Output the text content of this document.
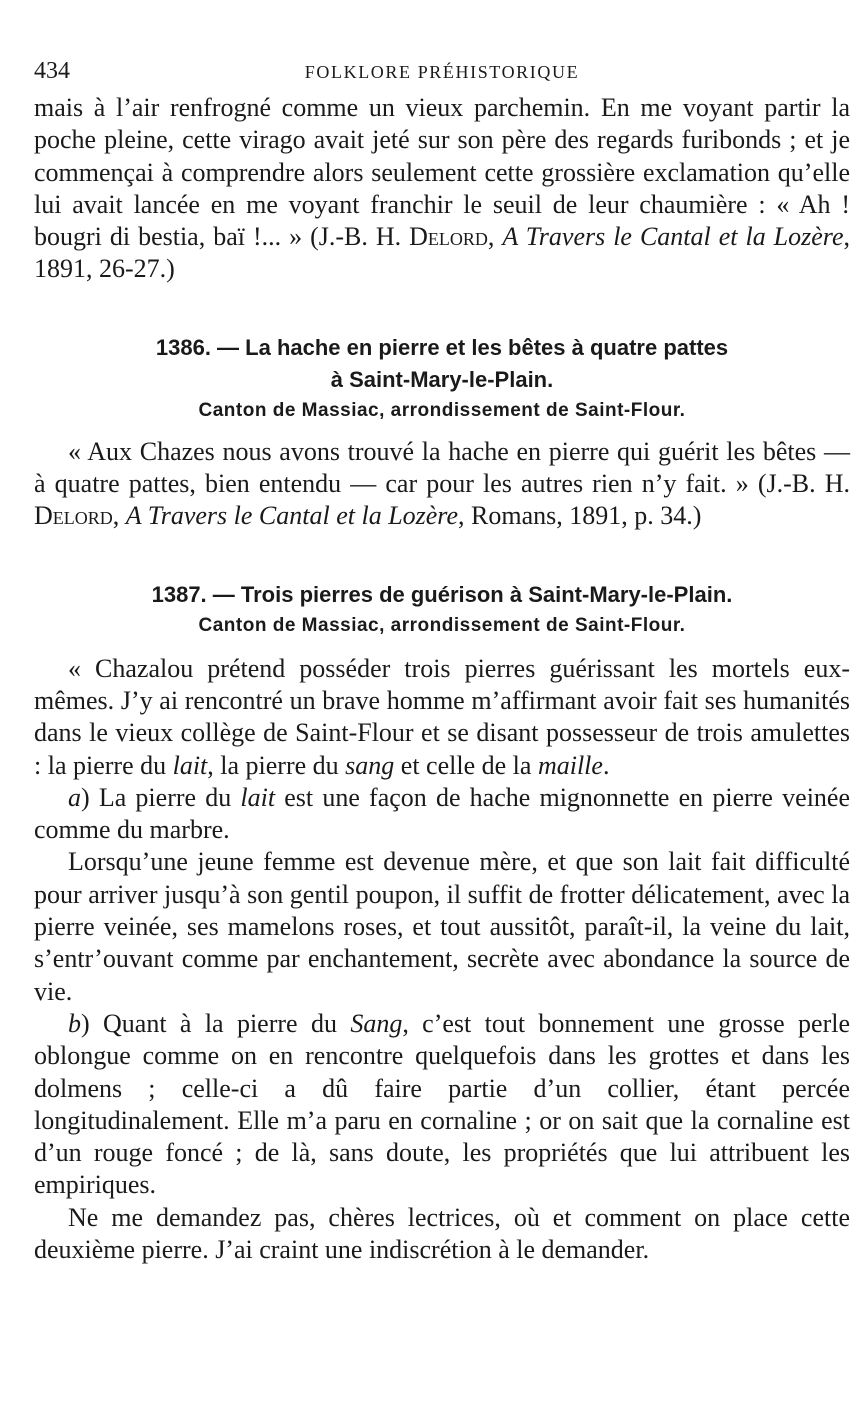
434	FOLKLORE PRÉHISTORIQUE

mais à l’air renfrogné comme un vieux parchemin. En me voyant partir la poche pleine, cette virago avait jeté sur son père des regards furibonds ; et je commençai à comprendre alors seulement cette grossière exclamation qu’elle lui avait lancée en me voyant franchir le seuil de leur chaumière : « Ah ! bougri di bestia, baï !... » (J.-B. H. Delord, A Travers le Cantal et la Lozère, 1891, 26-27.)

1386. — La hache en pierre et les bêtes à quatre pattes
à Saint-Mary-le-Plain.
Canton de Massiac, arrondissement de Saint-Flour.

« Aux Chazes nous avons trouvé la hache en pierre qui guérit les bêtes — à quatre pattes, bien entendu — car pour les autres rien n’y fait. » (J.-B. H. Delord, A Travers le Cantal et la Lozère, Romans, 1891, p. 34.)

1387. — Trois pierres de guérison à Saint-Mary-le-Plain.
Canton de Massiac, arrondissement de Saint-Flour.

« Chazalou prétend posséder trois pierres guérissant les mortels eux-mêmes. J’y ai rencontré un brave homme m’affirmant avoir fait ses humanités dans le vieux collège de Saint-Flour et se disant possesseur de trois amulettes : la pierre du lait, la pierre du sang et celle de la maille.

a) La pierre du lait est une façon de hache mignonnette en pierre veinée comme du marbre.

Lorsqu’une jeune femme est devenue mère, et que son lait fait difficulté pour arriver jusqu’à son gentil poupon, il suffit de frotter délicatement, avec la pierre veinée, ses mamelons roses, et tout aussitôt, paraît-il, la veine du lait, s’entr’ouvant comme par enchantement, secrète avec abondance la source de vie.

b) Quant à la pierre du Sang, c’est tout bonnement une grosse perle oblongue comme on en rencontre quelquefois dans les grottes et dans les dolmens ; celle-ci a dû faire partie d’un collier, étant percée longitudinalement. Elle m’a paru en cornaline ; or on sait que la cornaline est d’un rouge foncé ; de là, sans doute, les propriétés que lui attribuent les empiriques.

Ne me demandez pas, chères lectrices, où et comment on place cette deuxième pierre. J’ai craint une indiscrétion à le demander.
